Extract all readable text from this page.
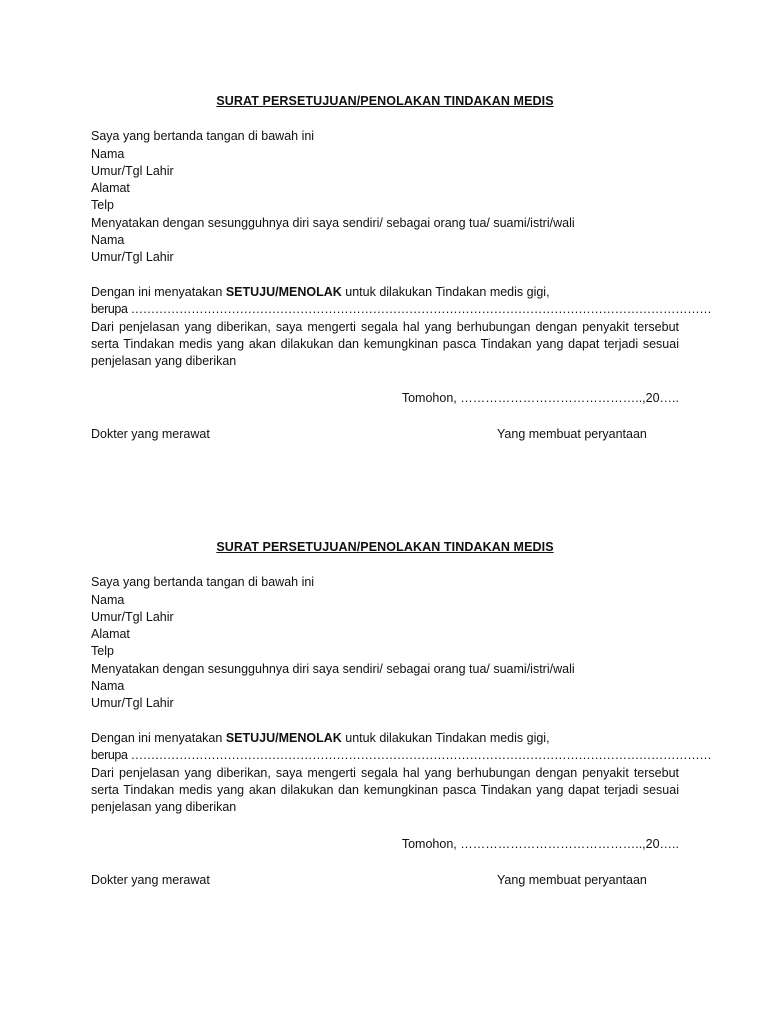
SURAT PERSETUJUAN/PENOLAKAN TINDAKAN MEDIS
Saya yang bertanda tangan di bawah ini
Nama
Umur/Tgl Lahir
Alamat
Telp
Menyatakan dengan sesungguhnya diri saya sendiri/ sebagai orang tua/ suami/istri/wali
Nama
Umur/Tgl Lahir
Dengan ini menyatakan SETUJU/MENOLAK untuk dilakukan Tindakan medis gigi,
berupa ………………………………………………………………………………………………………………………………
Dari penjelasan yang diberikan, saya mengerti segala hal yang berhubungan dengan penyakit tersebut serta Tindakan medis yang akan dilakukan dan kemungkinan pasca Tindakan yang dapat terjadi sesuai penjelasan yang diberikan
Tomohon, ……………………………………..,20…..
Dokter yang merawat	Yang membuat peryantaan
SURAT PERSETUJUAN/PENOLAKAN TINDAKAN MEDIS
Saya yang bertanda tangan di bawah ini
Nama
Umur/Tgl Lahir
Alamat
Telp
Menyatakan dengan sesungguhnya diri saya sendiri/ sebagai orang tua/ suami/istri/wali
Nama
Umur/Tgl Lahir
Dengan ini menyatakan SETUJU/MENOLAK untuk dilakukan Tindakan medis gigi,
berupa ………………………………………………………………………………………………………………………………
Dari penjelasan yang diberikan, saya mengerti segala hal yang berhubungan dengan penyakit tersebut serta Tindakan medis yang akan dilakukan dan kemungkinan pasca Tindakan yang dapat terjadi sesuai penjelasan yang diberikan
Tomohon, ……………………………………..,20…..
Dokter yang merawat	Yang membuat peryantaan
